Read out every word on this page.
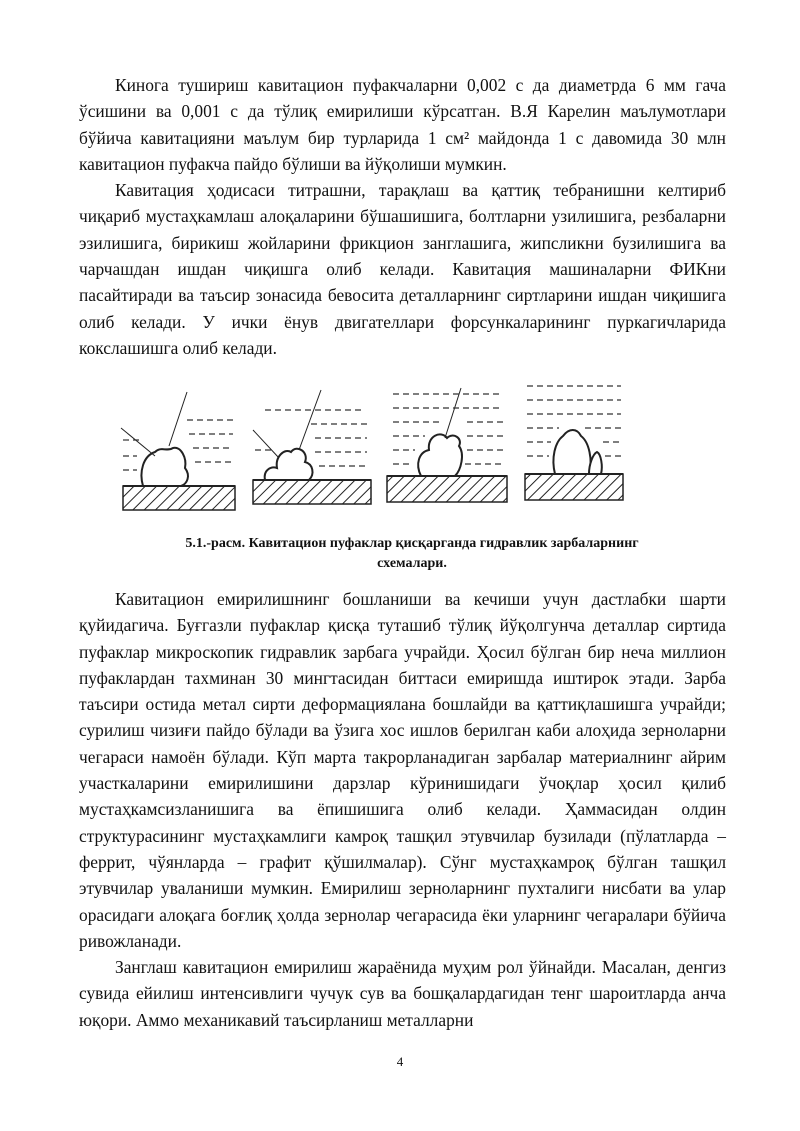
Кинога тушириш кавитацион пуфакчаларни 0,002 с да диаметрда 6 мм гача ўсишини ва 0,001 с да тўлиқ емирилиши кўрсатган. В.Я Карелин маълумотлари бўйича кавитацияни маълум бир турларида 1 см² майдонда 1 с давомида 30 млн кавитацион пуфакча пайдо бўлиши ва йўқолиши мумкин.

Кавитация ҳодисаси титрашни, тарақлаш ва қаттиқ тебранишни келтириб чиқариб мустаҳкамлаш алоқаларини бўшашишига, болтларни узилишига, резбаларни эзилишига, бирикиш жойларини фрикцион занглашига, жипсликни бузилишига ва чарчашдан ишдан чиқишга олиб келади. Кавитация машиналарни ФИКни пасайтиради ва таъсир зонасида бевосита деталларнинг сиртларини ишдан чиқишига олиб келади. У ички ёнув двигателлари форсункаларининг пуркагичларида кокслашишга олиб келади.

5.1.-расм. Кавитацион пуфаклар қисқарганда гидравлик зарбаларнинг
схемалари.

Кавитацион емирилишнинг бошланиши ва кечиши учун дастлабки шарти қуйидагича. Буғгазли пуфаклар қисқа туташиб тўлиқ йўқолгунча деталлар сиртида пуфаклар микроскопик гидравлик зарбага учрайди. Ҳосил бўлган бир неча миллион пуфаклардан тахминан 30 мингтасидан биттаси емиришда иштирок этади. Зарба таъсири остида метал сирти деформациялана бошлайди ва қаттиқлашишга учрайди; сурилиш чизиғи пайдо бўлади ва ўзига хос ишлов берилган каби алоҳида зерноларни чегараси намоён бўлади. Кўп марта такрорланадиган зарбалар материалнинг айрим участкаларини емирилишини дарзлар кўринишидаги ўчоқлар ҳосил қилиб мустаҳкамсизланишига ва ёпишишига олиб келади. Ҳаммасидан олдин структурасининг мустаҳкамлиги камроқ ташқил этувчилар бузилади (пўлатларда – феррит, чўянларда – графит қўшилмалар). Сўнг мустаҳкамроқ бўлган ташқил этувчилар уваланиши мумкин. Емирилиш зерноларнинг пухталиги нисбати ва улар орасидаги алоқага боғлиқ ҳолда зернолар чегарасида ёки уларнинг чегаралари бўйича ривожланади.

Занглаш кавитацион емирилиш жараёнида муҳим рол ўйнайди. Масалан, денгиз сувида ейилиш интенсивлиги чучук сув ва бошқалардагидан тенг шароитларда анча юқори. Аммо механикавий таъсирланиш металларни

4
